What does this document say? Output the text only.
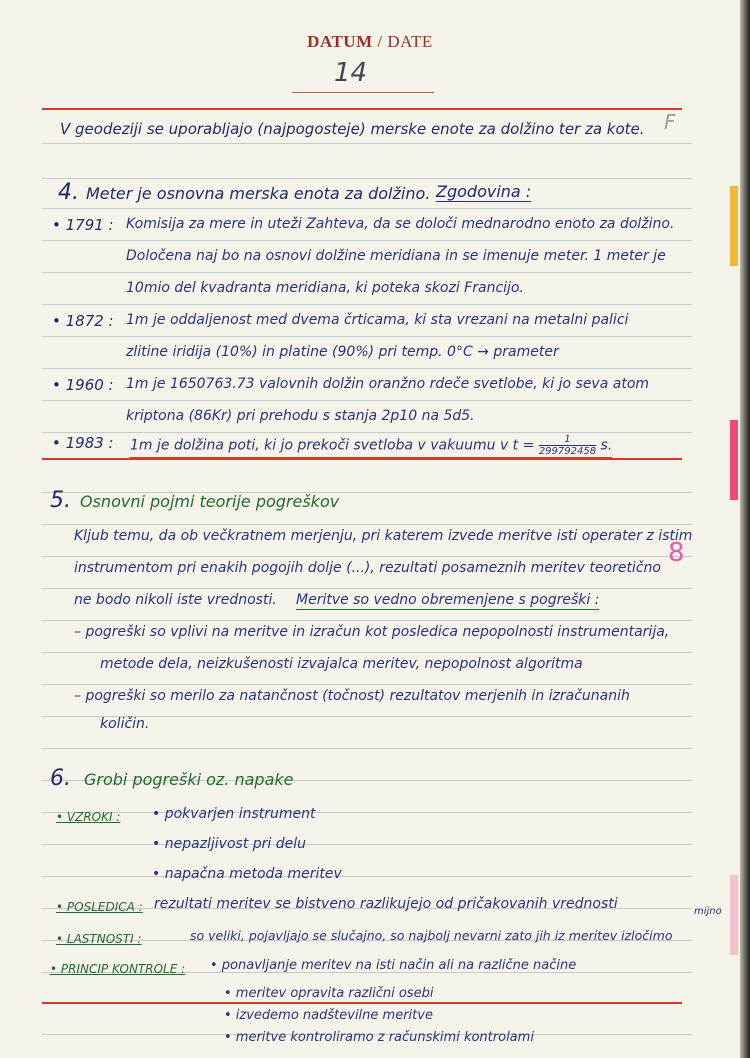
DATUM / DATE
14
V geodeziji se uporabljajo (najpogosteje) merske enote za dolžino ter za kote. F
4. Meter je osnovna merska enota za dolžino. Zgodovina :
• 1791 : Komisija za mere in uteži Zahteva, da se določi mednarodno enoto za dolžino.
Določena naj bo na osnovi dolžine meridiana in se imenuje meter. 1 meter je
10mio del kvadranta meridiana, ki poteka skozi Francijo.
• 1872 : 1m je oddaljenost med dvema črticama, ki sta vrezani na metalni palici
zlitine iridija (10%) in platine (90%) pri temp. 0°C → prameter
• 1960 : 1m je 1650763.73 valovnih dolžin oranžno rdeče svetlobe, ki jo seva atom
kriptona (86Kr) pri prehodu s stanja 2p10 na 5d5.
• 1983 : 1m je dolžina poti, ki jo prekoči svetloba v vakuumu v $t = \frac{1}{299792458} s$.
5. Osnovni pojmi teorije pogreškov
Kljub temu, da ob večkratnem merjenju, pri katerem izvede meritve isti operater z istim
instrumentom pri enakih pogojih dolje (...), rezultati posameznih meritev teoretično 8
ne bodo nikoli iste vrednosti. Meritve so vedno obremenjene s pogreški :
– pogreški so vplivi na meritve in izračun kot posledica nepopolnosti instrumentarija,
metode dela, neizkušenosti izvajalca meritev, nepopolnost algoritma
– pogreški so merilo za natančnost (točnost) rezultatov merjenih in izračunanih
količin.
6. Grobi pogreški oz. napake
• VZROKI : • pokvarjen instrument
• nepazljivost pri delu
• napačna metoda meritev
• POSLEDICA : rezultati meritev se bistveno razlikujejo od pričakovanih vrednosti
• LASTNOSTI :	so veliki, pojavljajo se slučajno, so najbolj nevarni zato jih iz meritev izločimo
mijno
• PRINCIP KONTROLE : • ponavljanje meritev na isti način ali na različne načine
• meritev opravita različni osebi
• izvedemo nadštevilne meritve
• meritve kontroliramo z računskimi kontrolami
